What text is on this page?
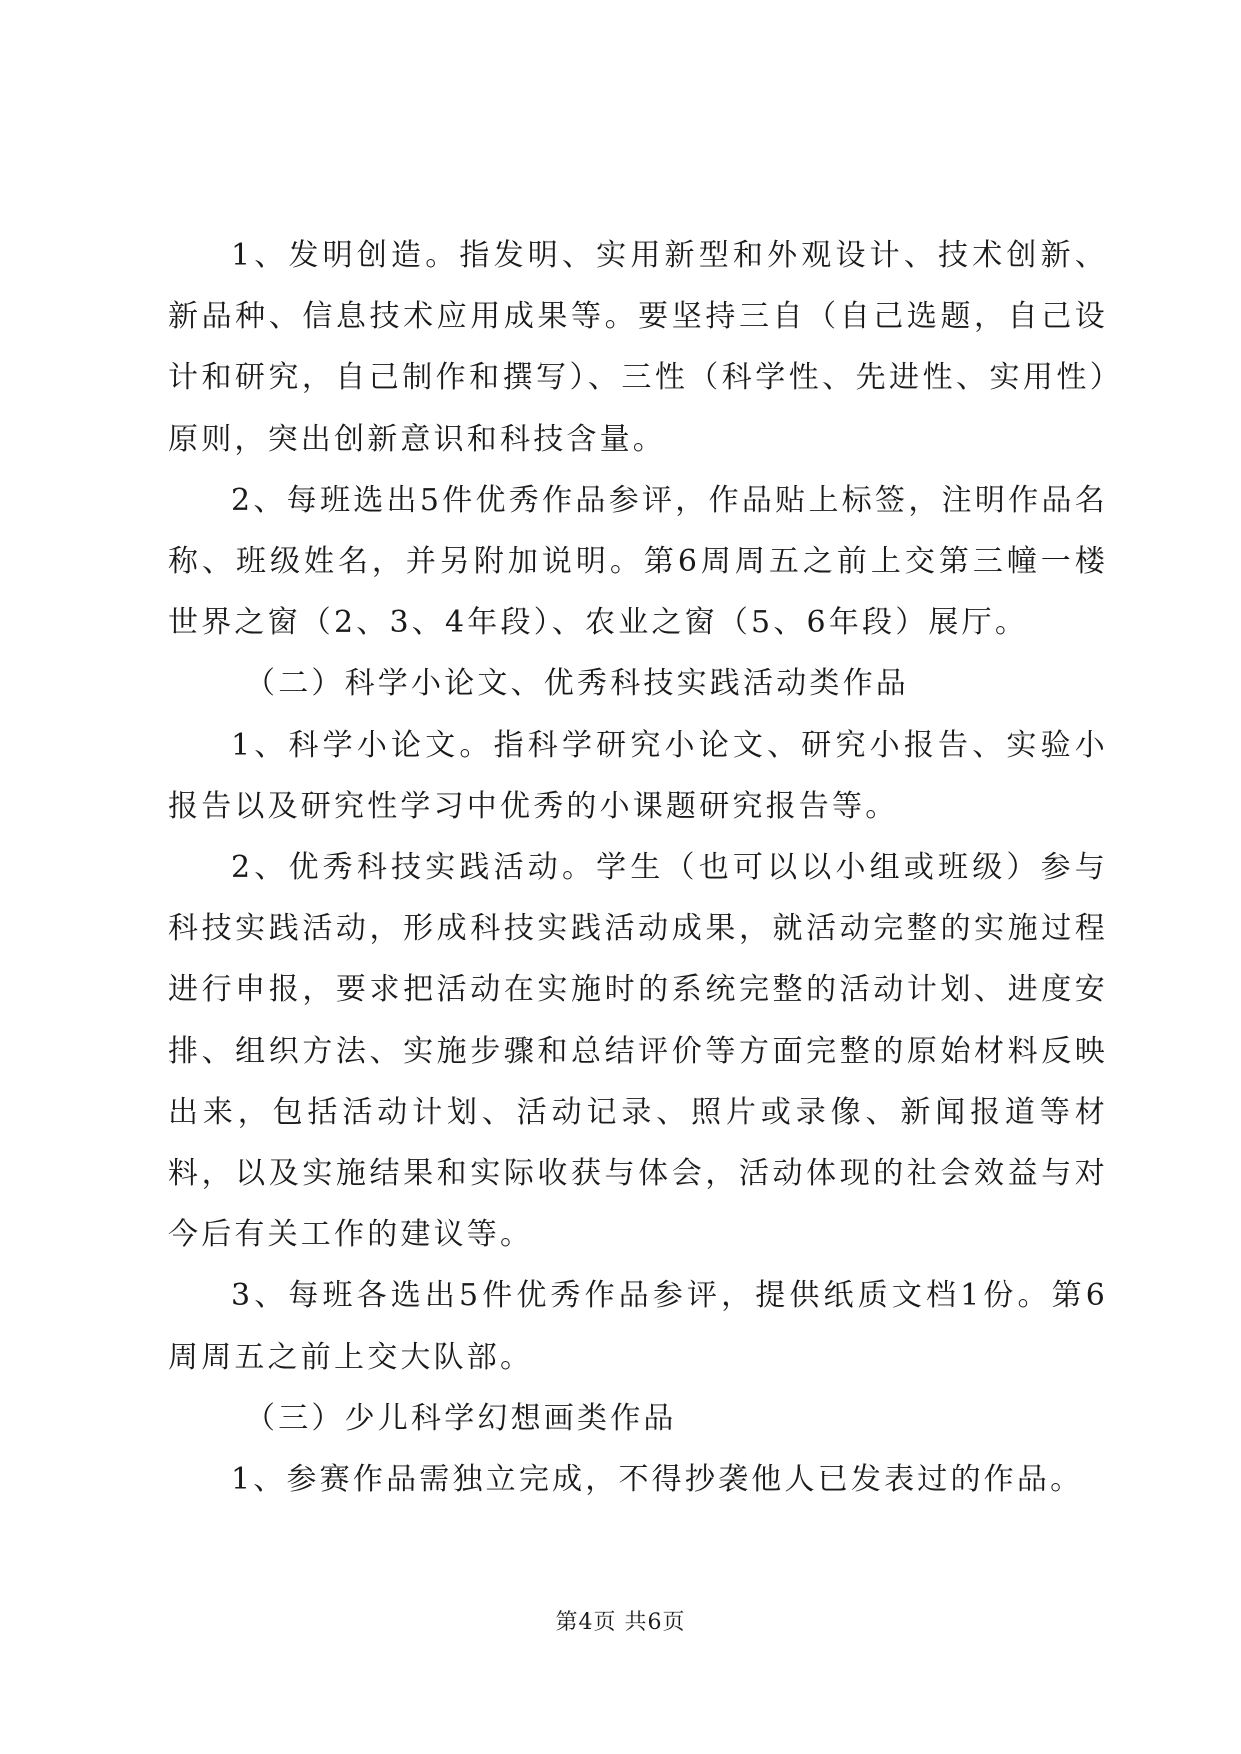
1、发明创造。指发明、实用新型和外观设计、技术创新、新品种、信息技术应用成果等。要坚持三自（自己选题，自己设计和研究，自己制作和撰写）、三性（科学性、先进性、实用性）原则，突出创新意识和科技含量。

2、每班选出5件优秀作品参评，作品贴上标签，注明作品名称、班级姓名，并另附加说明。第6周周五之前上交第三幢一楼世界之窗（2、3、4年段）、农业之窗（5、6年段）展厅。

（二）科学小论文、优秀科技实践活动类作品

1、科学小论文。指科学研究小论文、研究小报告、实验小报告以及研究性学习中优秀的小课题研究报告等。

2、优秀科技实践活动。学生（也可以以小组或班级）参与科技实践活动，形成科技实践活动成果，就活动完整的实施过程进行申报，要求把活动在实施时的系统完整的活动计划、进度安排、组织方法、实施步骤和总结评价等方面完整的原始材料反映出来，包括活动计划、活动记录、照片或录像、新闻报道等材料，以及实施结果和实际收获与体会，活动体现的社会效益与对今后有关工作的建议等。

3、每班各选出5件优秀作品参评，提供纸质文档1份。第6周周五之前上交大队部。

（三）少儿科学幻想画类作品

1、参赛作品需独立完成，不得抄袭他人已发表过的作品。

第4页 共6页
